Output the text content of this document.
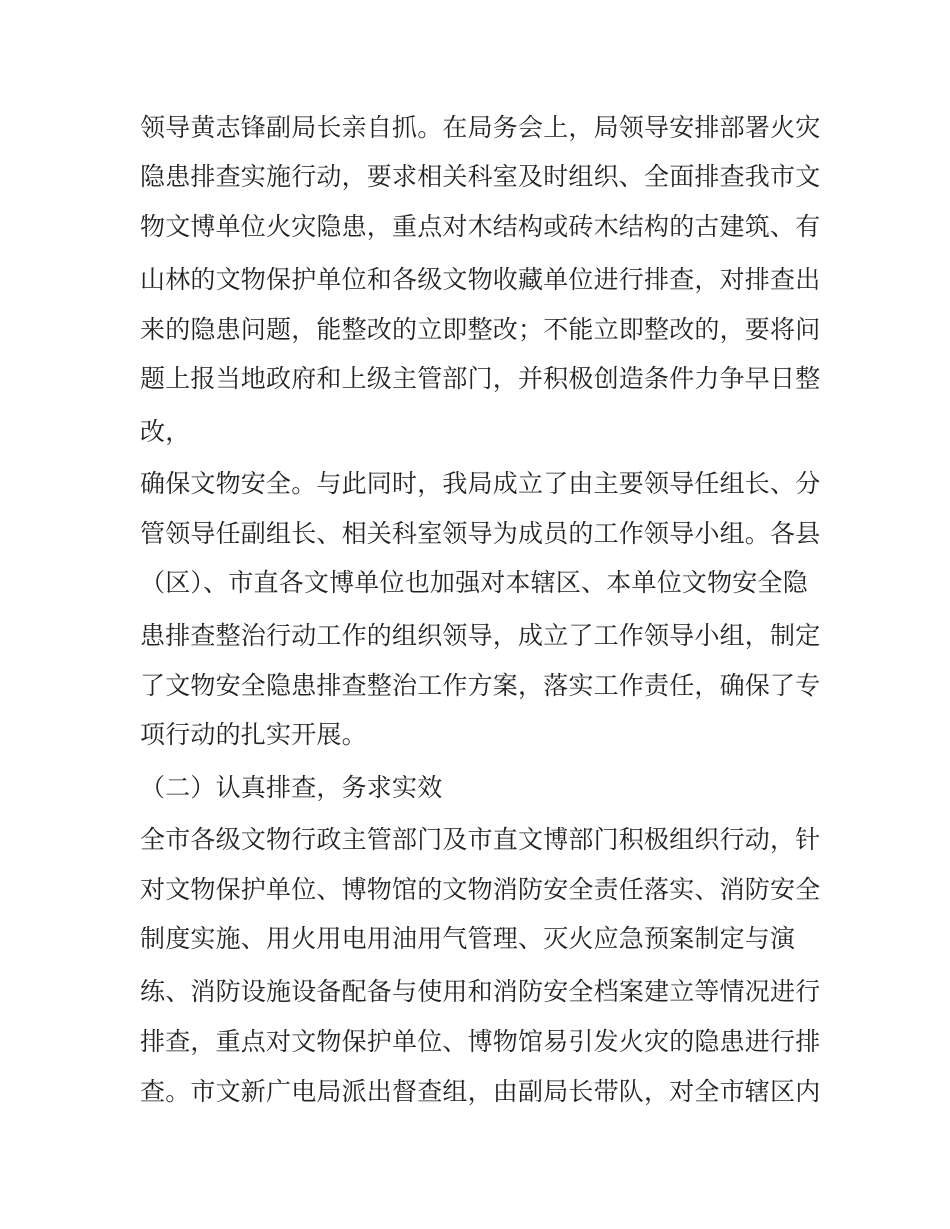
领导黄志锋副局长亲自抓。在局务会上，局领导安排部署火灾

隐患排查实施行动，要求相关科室及时组织、全面排查我市文

物文博单位火灾隐患，重点对木结构或砖木结构的古建筑、有

山林的文物保护单位和各级文物收藏单位进行排查，对排查出

来的隐患问题，能整改的立即整改；不能立即整改的，要将问

题上报当地政府和上级主管部门，并积极创造条件力争早日整

改，

确保文物安全。与此同时，我局成立了由主要领导任组长、分

管领导任副组长、相关科室领导为成员的工作领导小组。各县

（区）、市直各文博单位也加强对本辖区、本单位文物安全隐

患排查整治行动工作的组织领导，成立了工作领导小组，制定

了文物安全隐患排查整治工作方案，落实工作责任，确保了专

项行动的扎实开展。

（二）认真排查，务求实效

全市各级文物行政主管部门及市直文博部门积极组织行动，针

对文物保护单位、博物馆的文物消防安全责任落实、消防安全

制度实施、用火用电用油用气管理、灭火应急预案制定与演

练、消防设施设备配备与使用和消防安全档案建立等情况进行

排查，重点对文物保护单位、博物馆易引发火灾的隐患进行排

查。市文新广电局派出督查组，由副局长带队，对全市辖区内
